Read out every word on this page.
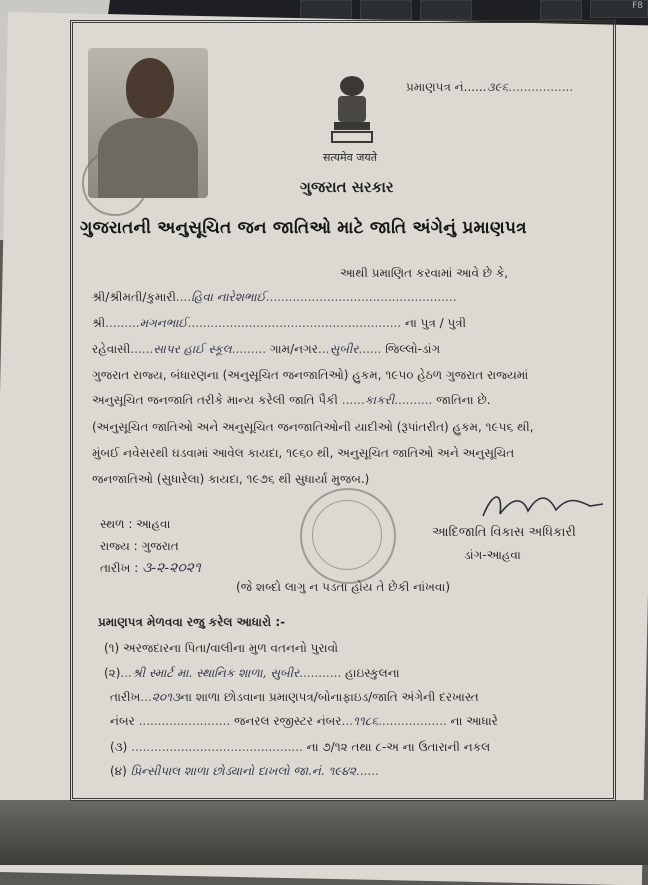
F8
सत्यमेव जयते
પ્રમાણપત્ર નં......૩૯૬.................
ગુજરાત સરકાર
ગુજરાતની અનુસૂચિત જન જાતિઓ માટે જાતિ અંગેનું પ્રમાણપત્ર
આથી પ્રમાણિત કરવામાં આવે છે કે,
શ્રી/શ્રીમતી/કુમારી....હિવા નારેશભાઈ..................................................
શ્રી.........મગનભાઈ........................................................ ના પુત્ર / પુત્રી
રહેવાસી......સાપર હાઈ સ્કૂલ......... ગામ/નગર...સુબીર...... જિલ્લો-ડાંગ
ગુજરાત રાજ્ય, બંધારણના (અનુસૂચિત જનજાતિઓ) હુકમ, ૧૯૫૦ હેઠળ ગુજરાત રાજ્યમાં
અનુસૂચિત જનજાતિ તરીકે માન્ય કરેલી જાતિ પૈકી ......કાકરી.......... જાતિના છે.
(અનુસૂચિત જાતિઓ અને અનુસૂચિત જનજાતિઓની યાદીઓ (રૂપાંતરીત) હુકમ, ૧૯૫૬ થી,
મુંબઈ નવેસરથી ઘડવામાં આવેલ કાયદા, ૧૯૬૦ થી, અનુસૂચિત જાતિઓ અને અનુસૂચિત
જનજાતિઓ (સુધારેલા) કાયદા, ૧૯૭૬ થી સુધાર્યા મુજબ.)
સ્થળ : આહવા
રાજ્ય : ગુજરાત
તારીખ : ૩-૨-૨૦૨૧
આદિજાતિ વિકાસ અધિકારી
ડાંગ-આહવા
(જે શબ્દો લાગુ ન પડતા હોય તે છેકી નાંખવા)
પ્રમાણપત્ર મેળવવા રજુ કરેલ આધારો :-
(૧) અરજદારના પિતા/વાલીના મુળ વતનનો પુરાવો
(૨)...શ્રી સ્માર્ટ મા. સ્થાનિક શાળા, સુબીર........... હાઇસ્કુલના
તારીખ...૨૦૧૩ના શાળા છોડવાના પ્રમાણપત્ર/બોનાફાઇડ/જાતિ અંગેની દરખાસ્ત
નંબર ........................ જનરલ રજીસ્ટર નંબર...૧૧૮૬.................. ના આધારે
(૩) ............................................. ના ૭/૧૨ તથા ૮-અ ના ઉતારાની નકલ
(૪) પ્રિન્સીપાલ શાળા છોડ્યાનો દાખલો જા.નં. ૧૯૪૨......
